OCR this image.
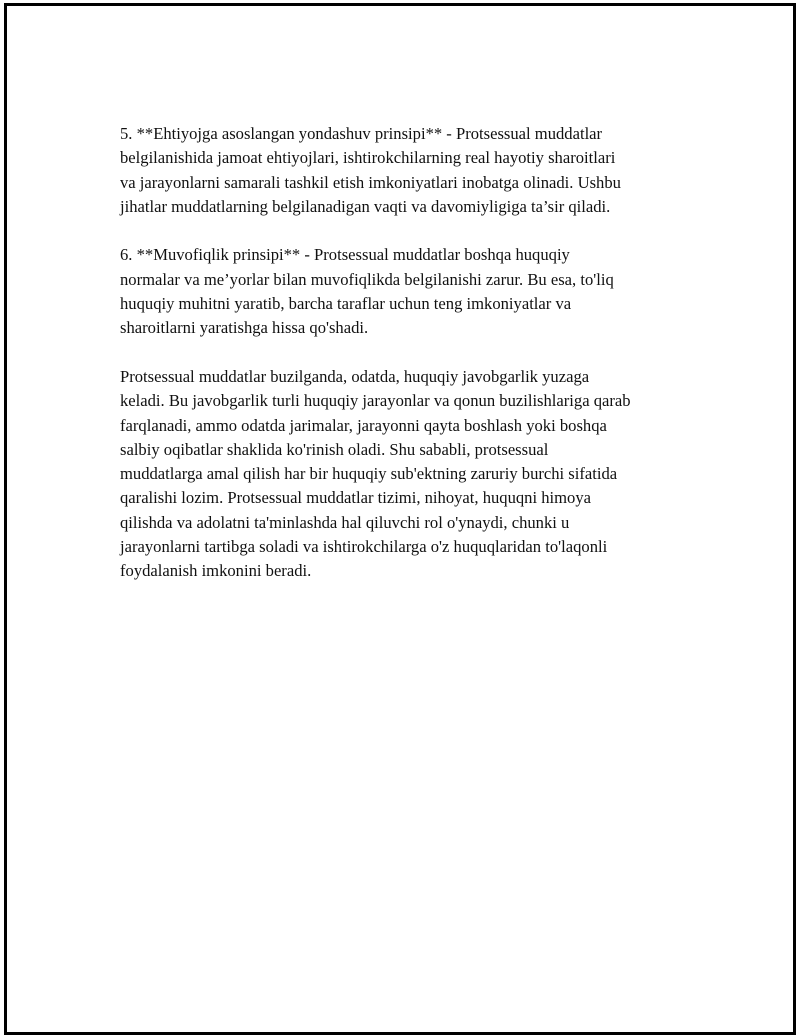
5. **Ehtiyojga asoslangan yondashuv prinsipi** - Protsessual muddatlar
belgilanishida jamoat ehtiyojlari, ishtirokchilarning real hayotiy sharoitlari
va jarayonlarni samarali tashkil etish imkoniyatlari inobatga olinadi. Ushbu
jihatlar muddatlarning belgilanadigan vaqti va davomiyligiga ta’sir qiladi.

6. **Muvofiqlik prinsipi** - Protsessual muddatlar boshqa huquqiy
normalar va me’yorlar bilan muvofiqlikda belgilanishi zarur. Bu esa, to'liq
huquqiy muhitni yaratib, barcha taraflar uchun teng imkoniyatlar va
sharoitlarni yaratishga hissa qo'shadi.

Protsessual muddatlar buzilganda, odatda, huquqiy javobgarlik yuzaga
keladi. Bu javobgarlik turli huquqiy jarayonlar va qonun buzilishlariga qarab
farqlanadi, ammo odatda jarimalar, jarayonni qayta boshlash yoki boshqa
salbiy oqibatlar shaklida ko'rinish oladi. Shu sababli, protsessual
muddatlarga amal qilish har bir huquqiy sub'ektning zaruriy burchi sifatida
qaralishi lozim. Protsessual muddatlar tizimi, nihoyat, huquqni himoya
qilishda va adolatni ta'minlashda hal qiluvchi rol o'ynaydi, chunki u
jarayonlarni tartibga soladi va ishtirokchilarga o'z huquqlaridan to'laqonli
foydalanish imkonini beradi.
